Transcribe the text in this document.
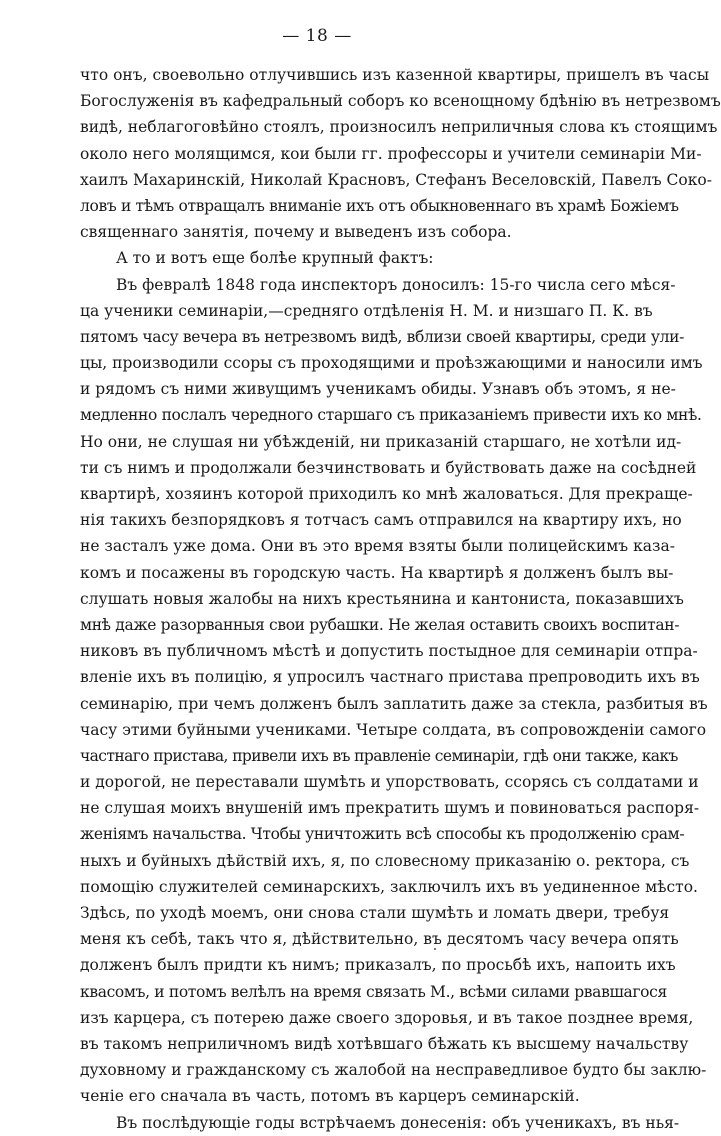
— 18 —
что онъ, своевольно отлучившись изъ казенной квартиры, пришелъ въ часы
Богослуженія въ кафедральный соборъ ко всенощному бдѣнію въ нетрезвомъ
видѣ, неблагоговѣйно стоялъ, произносилъ неприличныя слова къ стоящимъ
около него молящимся, кои были гг. профессоры и учители семинаріи Ми-
хаилъ Махаринскій, Николай Красновъ, Стефанъ Веселовскій, Павелъ Соко-
ловъ и тѣмъ отвращалъ вниманіе ихъ отъ обыкновеннаго въ храмѣ Божіемъ
священнаго занятія, почему и выведенъ изъ собора.
А то и вотъ еще болѣе крупный фактъ:
Въ февралѣ 1848 года инспекторъ доносилъ: 15-го числа сего мѣся-
ца ученики семинаріи,—средняго отдѣленія Н. М. и низшаго П. К. въ
пятомъ часу вечера въ нетрезвомъ видѣ, вблизи своей квартиры, среди ули-
цы, производили ссоры съ проходящими и проѣзжающими и наносили имъ
и рядомъ съ ними живущимъ ученикамъ обиды. Узнавъ объ этомъ, я не-
медленно послалъ чередного старшаго съ приказаніемъ привести ихъ ко мнѣ.
Но они, не слушая ни убѣжденій, ни приказаній старшаго, не хотѣли ид-
ти съ нимъ и продолжали безчинствовать и буйствовать даже на сосѣдней
квартирѣ, хозяинъ которой приходилъ ко мнѣ жаловаться. Для прекраще-
нія такихъ безпорядковъ я тотчасъ самъ отправился на квартиру ихъ, но
не засталъ уже дома. Они въ это время взяты были полицейскимъ каза-
комъ и посажены въ городскую часть. На квартирѣ я долженъ былъ вы-
слушать новыя жалобы на нихъ крестьянина и кантониста, показавшихъ
мнѣ даже разорванныя свои рубашки. Не желая оставить своихъ воспитан-
никовъ въ публичномъ мѣстѣ и допустить постыдное для семинаріи отпра-
вленіе ихъ въ полицію, я упросилъ частнаго пристава препроводить ихъ въ
семинарію, при чемъ долженъ былъ заплатить даже за стекла, разбитыя въ
часу этими буйными учениками. Четыре солдата, въ сопровожденіи самого
частнаго пристава, привели ихъ въ правленіе семинаріи, гдѣ они также, какъ
и дорогой, не переставали шумѣть и упорствовать, ссорясь съ солдатами и
не слушая моихъ внушеній имъ прекратить шумъ и повиноваться распоря-
женіямъ начальства. Чтобы уничтожить всѣ способы къ продолженію срам-
ныхъ и буйныхъ дѣйствій ихъ, я, по словесному приказанію о. ректора, съ
помощію служителей семинарскихъ, заключилъ ихъ въ уединенное мѣсто.
Здѣсь, по уходѣ моемъ, они снова стали шумѣть и ломать двери, требуя
меня къ себѣ, такъ что я, дѣйствительно, въ десятомъ часу вечера опять
долженъ былъ придти къ нимъ; приказалъ, по просьбѣ ихъ, напоить ихъ
квасомъ, и потомъ велѣлъ на время связать М., всѣми силами рвавшагося
изъ карцера, съ потерею даже своего здоровья, и въ такое позднее время,
въ такомъ неприличномъ видѣ хотѣвшаго бѣжать къ высшему начальству
духовному и гражданскому съ жалобой на несправедливое будто бы заклю-
ченіе его сначала въ часть, потомъ въ карцеръ семинарскій.
Въ послѣдующіе годы встрѣчаемъ донесенія: объ ученикахъ, въ нья-
